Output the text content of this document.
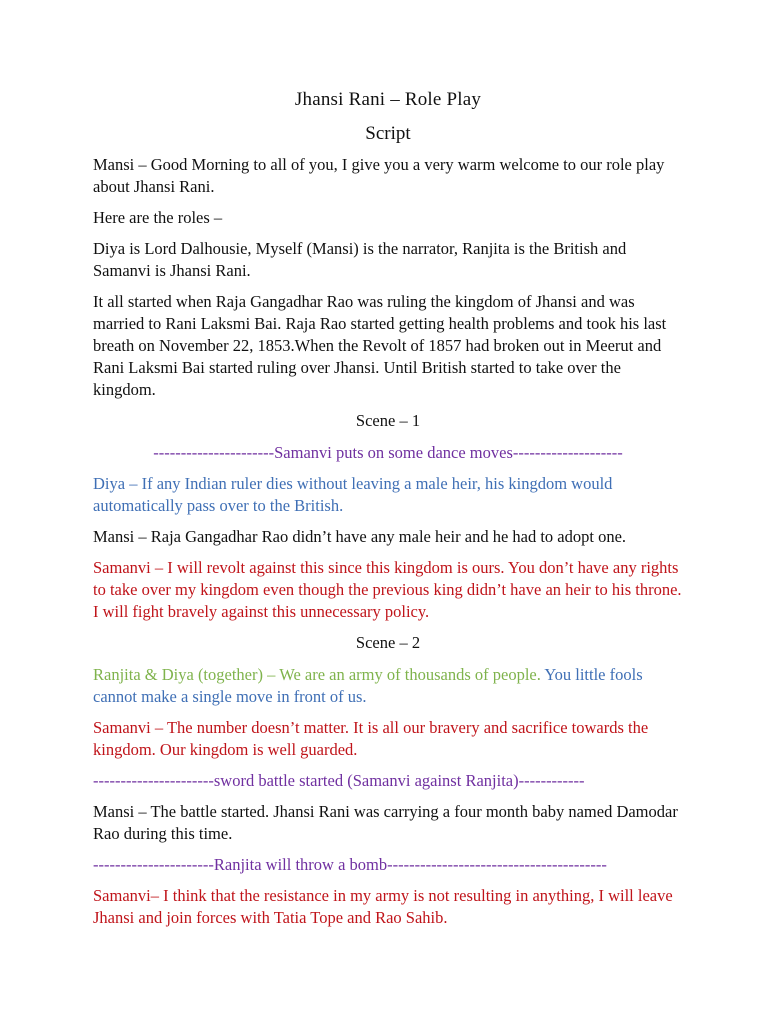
Jhansi Rani – Role Play
Script

Mansi – Good Morning to all of you, I give you a very warm welcome to our role play about Jhansi Rani.

Here are the roles –

Diya is Lord Dalhousie, Myself (Mansi) is the narrator, Ranjita is the British and Samanvi is Jhansi Rani.

It all started when Raja Gangadhar Rao was ruling the kingdom of Jhansi and was married to Rani Laksmi Bai. Raja Rao started getting health problems and took his last breath on November 22, 1853.When the Revolt of 1857 had broken out in Meerut and Rani Laksmi Bai started ruling over Jhansi. Until British started to take over the kingdom.

Scene – 1

----------------------Samanvi puts on some dance moves--------------------

Diya – If any Indian ruler dies without leaving a male heir, his kingdom would automatically pass over to the British.

Mansi – Raja Gangadhar Rao didn’t have any male heir and he had to adopt one.

Samanvi – I will revolt against this since this kingdom is ours. You don’t have any rights to take over my kingdom even though the previous king didn’t have an heir to his throne. I will fight bravely against this unnecessary policy.

Scene – 2

Ranjita & Diya (together) – We are an army of thousands of people. You little fools cannot make a single move in front of us.

Samanvi – The number doesn’t matter. It is all our bravery and sacrifice towards the kingdom. Our kingdom is well guarded.

----------------------sword battle started (Samanvi against Ranjita)------------

Mansi – The battle started. Jhansi Rani was carrying a four month baby named Damodar Rao during this time.

----------------------Ranjita will throw a bomb----------------------------------------

Samanvi– I think that the resistance in my army is not resulting in anything, I will leave Jhansi and join forces with Tatia Tope and Rao Sahib.
